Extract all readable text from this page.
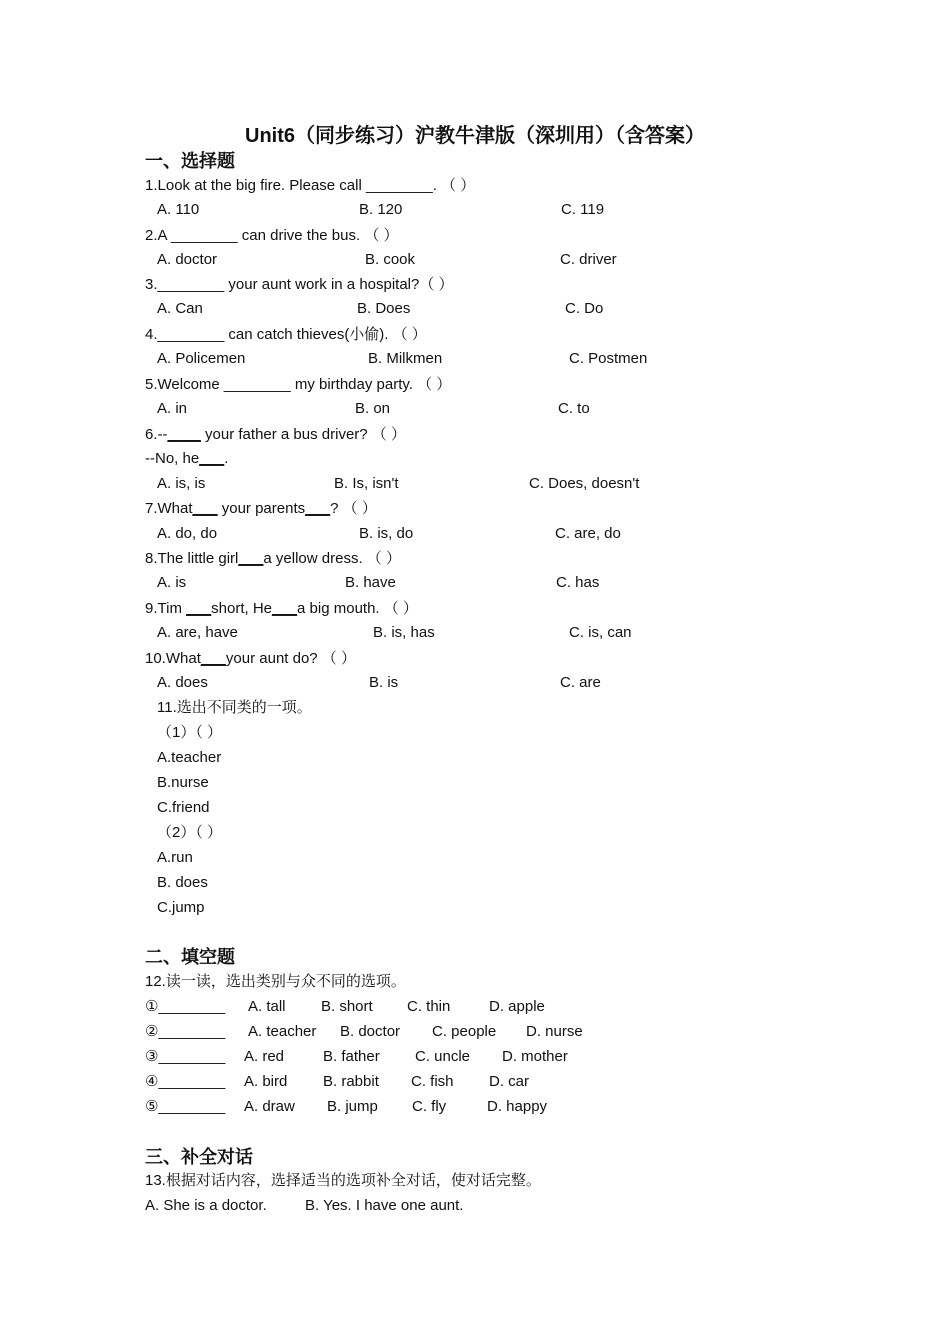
Unit6（同步练习）沪教牛津版（深圳用）（含答案）
一、选择题
1.Look at the big fire. Please call ________. （ ）
A. 110	B. 120	C. 119
2.A ________ can drive the bus. （ ）
A. doctor	B. cook	C. driver
3.________ your aunt work in a hospital?（ ）
A. Can	B. Does	C. Do
4.________ can catch thieves(小偷). （ ）
A. Policemen	B. Milkmen	C. Postmen
5.Welcome ________ my birthday party. （ ）
A. in	B. on	C. to
6.--____ your father a bus driver? （ ）
--No, he___.
A. is, is	B. Is, isn't	C. Does, doesn't
7.What___ your parents___? （ ）
A. do, do	B. is, do	C. are, do
8.The little girl___a yellow dress. （ ）
A. is	B. have	C. has
9.Tim ___short, He___a big mouth. （ ）
A. are, have	B. is, has	C. is, can
10.What___your aunt do? （ ）
A. does	B. is	C. are
11.选出不同类的一项。
（1）（ ）
A.teacher
B.nurse
C.friend
（2）（ ）
A.run
B. does
C.jump
二、填空题
12.读一读，选出类别与众不同的选项。
①________ A. tall B. short C. thin	D. apple
②________ A. teacher B. doctor C. people D. nurse
③________ A. red	B. father C. uncle D. mother
④________ A. bird B. rabbit C. fish D. car
⑤________ A. draw B. jump C. fly	D. happy
三、补全对话
13.根据对话内容，选择适当的选项补全对话，使对话完整。
A. She is a doctor.	B. Yes. I have one aunt.
